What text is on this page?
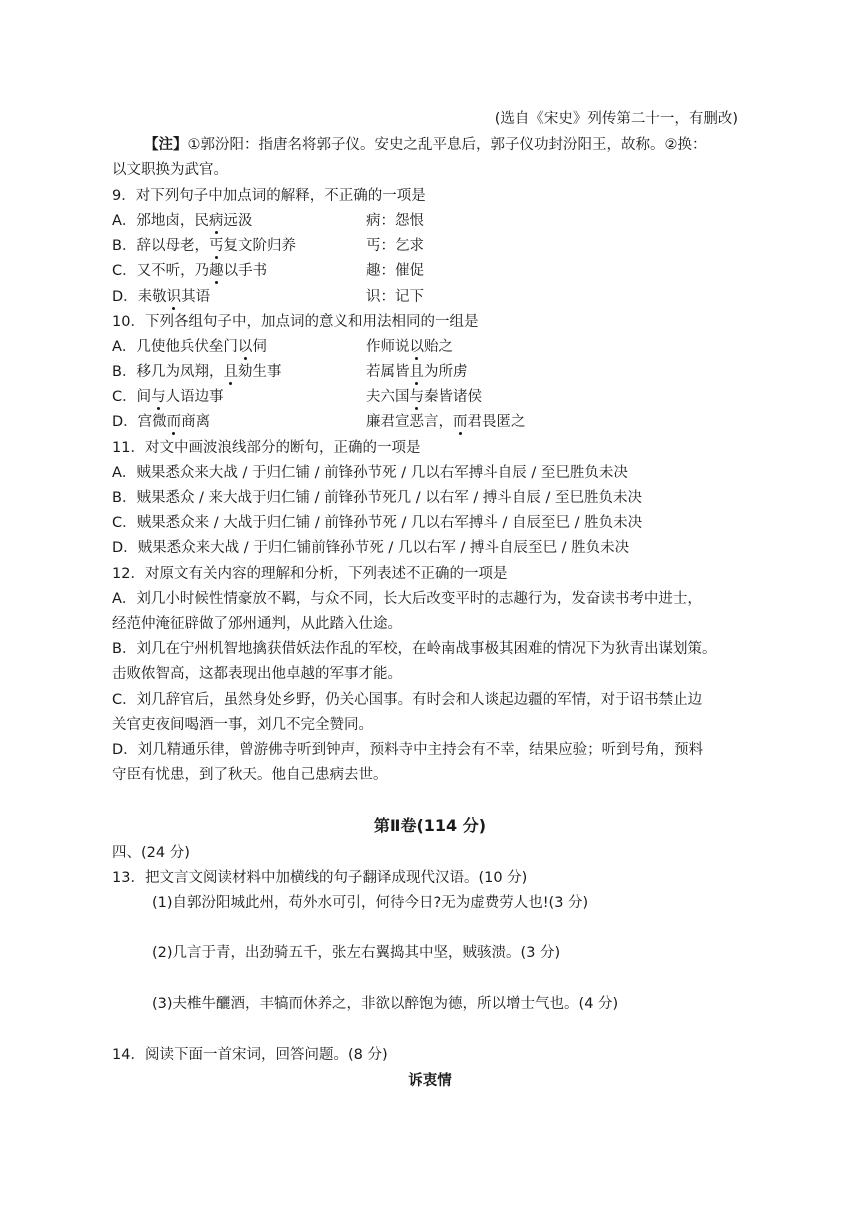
(选自《宋史》列传第二十一，有删改)
【注】①郭汾阳：指唐名将郭子仪。安史之乱平息后，郭子仪功封汾阳王，故称。②换：
以文职换为武官。
9．对下列句子中加点词的解释，不正确的一项是
A．邠地卤，民病远汲	病：怨恨
B．辞以母老，丐复文阶归养	丐：乞求
C．又不听，乃趣以手书	趣：催促
D．耒敬识其语	识：记下
10．下列各组句子中，加点词的意义和用法相同的一组是
A．几使他兵伏垒门以伺	作师说以贻之
B．移几为凤翔，且劾生事	若属皆且为所虏
C．间与人语边事	夫六国与秦皆诸侯
D．宫微而商离	廉君宣恶言，而君畏匿之
11．对文中画波浪线部分的断句，正确的一项是
A．贼果悉众来大战 / 于归仁铺 / 前锋孙节死 / 几以右军搏斗自辰 / 至巳胜负未决
B．贼果悉众 / 来大战于归仁铺 / 前锋孙节死几 / 以右军 / 搏斗自辰 / 至巳胜负未决
C．贼果悉众来 / 大战于归仁铺 / 前锋孙节死 / 几以右军搏斗 / 自辰至巳 / 胜负未决
D．贼果悉众来大战 / 于归仁铺前锋孙节死 / 几以右军 / 搏斗自辰至巳 / 胜负未决
12．对原文有关内容的理解和分析，下列表述不正确的一项是
A．刘几小时候性情豪放不羁，与众不同，长大后改变平时的志趣行为，发奋读书考中进士，
经范仲淹征辟做了邠州通判，从此踏入仕途。
B．刘几在宁州机智地擒获借妖法作乱的军校，在岭南战事极其困难的情况下为狄青出谋划策。
击败侬智高，这都表现出他卓越的军事才能。
C．刘几辞官后，虽然身处乡野，仍关心国事。有时会和人谈起边疆的军情，对于诏书禁止边
关官吏夜间喝酒一事，刘几不完全赞同。
D．刘几精通乐律，曾游佛寺听到钟声，预料寺中主持会有不幸，结果应验；听到号角，预料
守臣有忧患，到了秋天。他自己患病去世。
第Ⅱ卷(114 分)
四、(24 分)
13．把文言文阅读材料中加横线的句子翻译成现代汉语。(10 分)
(1)自郭汾阳城此州，苟外水可引，何待今日?无为虚费劳人也!(3 分)
(2)几言于青，出劲骑五千，张左右翼捣其中坚，贼骇溃。(3 分)
(3)夫椎牛釃酒，丰犒而休养之，非欲以醉饱为德，所以增士气也。(4 分)
14．阅读下面一首宋词，回答问题。(8 分)
诉衷情
